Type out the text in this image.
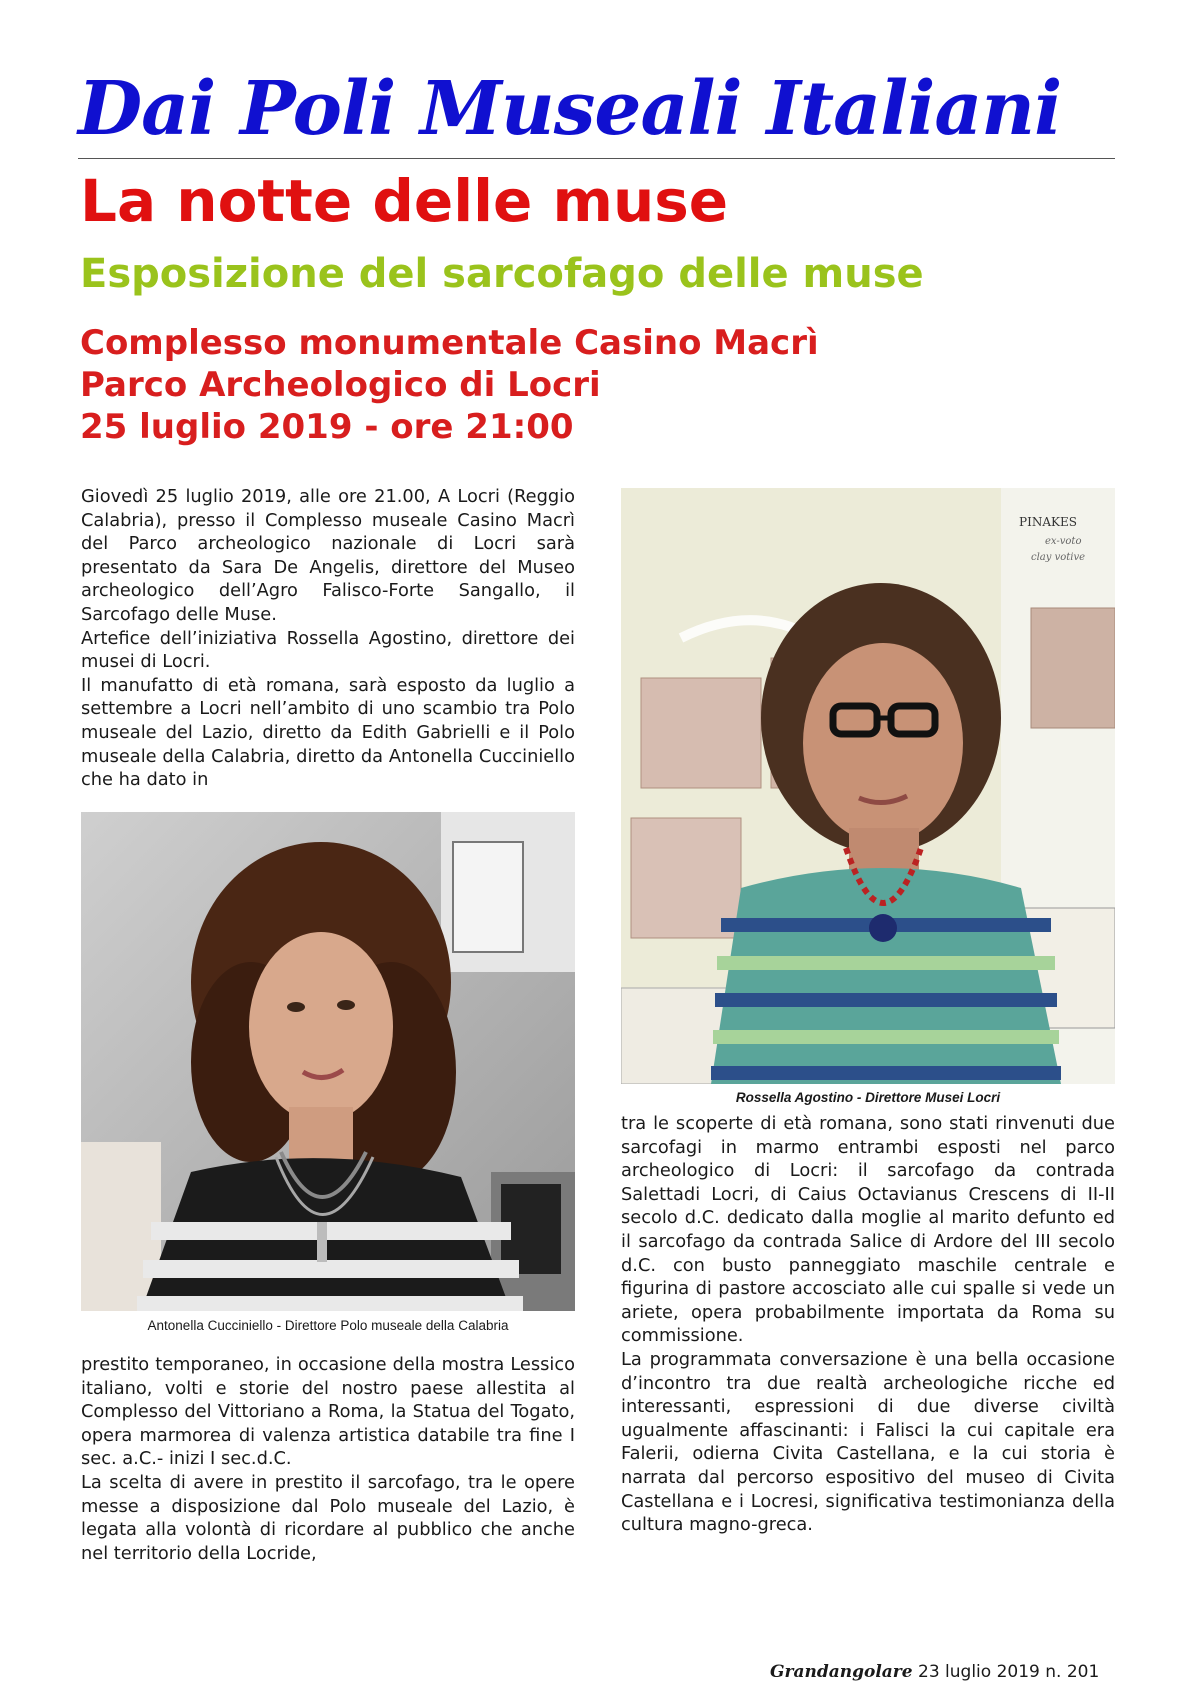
Dai Poli Museali Italiani
La notte delle muse
Esposizione del sarcofago delle muse
Complesso monumentale Casino Macrì
Parco Archeologico di Locri
25 luglio 2019 - ore 21:00

Giovedì 25 luglio 2019, alle ore 21.00, A Locri (Reggio Calabria), presso il Complesso museale Casino Macrì del Parco archeologico nazionale di Locri sarà presentato da Sara De Angelis, direttore del Museo archeologico dell’Agro Falisco-Forte Sangallo, il Sarcofago delle Muse.

Artefice dell’iniziativa Rossella Agostino, direttore dei musei di Locri.

Il manufatto di età romana, sarà esposto da luglio a settembre a Locri nell’ambito di uno scambio tra Polo museale del Lazio, diretto da Edith Gabrielli e il Polo museale della Calabria, diretto da Antonella Cucciniello che ha dato in

Antonella Cucciniello - Direttore Polo museale della Calabria

prestito temporaneo, in occasione della mostra Lessico italiano, volti e storie del nostro paese allestita al Complesso del Vittoriano a Roma, la Statua del Togato, opera marmorea di valenza artistica databile tra fine I sec. a.C.- inizi I sec.d.C.

La scelta di avere in prestito il sarcofago, tra le opere messe a disposizione dal Polo museale del Lazio, è legata alla volontà di ricordare al pubblico che anche nel territorio della Locride,

PINAKES
ex-voto
clay votive
Rossella Agostino - Direttore Musei Locri

tra le scoperte di età romana, sono stati rinvenuti due sarcofagi in marmo entrambi esposti nel parco archeologico di Locri: il sarcofago da contrada Salettadi Locri, di Caius Octavianus Crescens di II-II secolo d.C. dedicato dalla moglie al marito defunto ed il sarcofago da contrada Salice di Ardore del III secolo d.C. con busto panneggiato maschile centrale e figurina di pastore accosciato alle cui spalle si vede un ariete, opera probabilmente importata da Roma su commissione.

La programmata conversazione è una bella occasione d’incontro tra due realtà archeologiche ricche ed interessanti, espressioni di due diverse civiltà ugualmente affascinanti: i Falisci la cui capitale era Falerii, odierna Civita Castellana, e la cui storia è narrata dal percorso espositivo del museo di Civita Castellana e i Locresi, significativa testimonianza della cultura magno-greca.

Grandangolare 23 luglio 2019 n. 201
